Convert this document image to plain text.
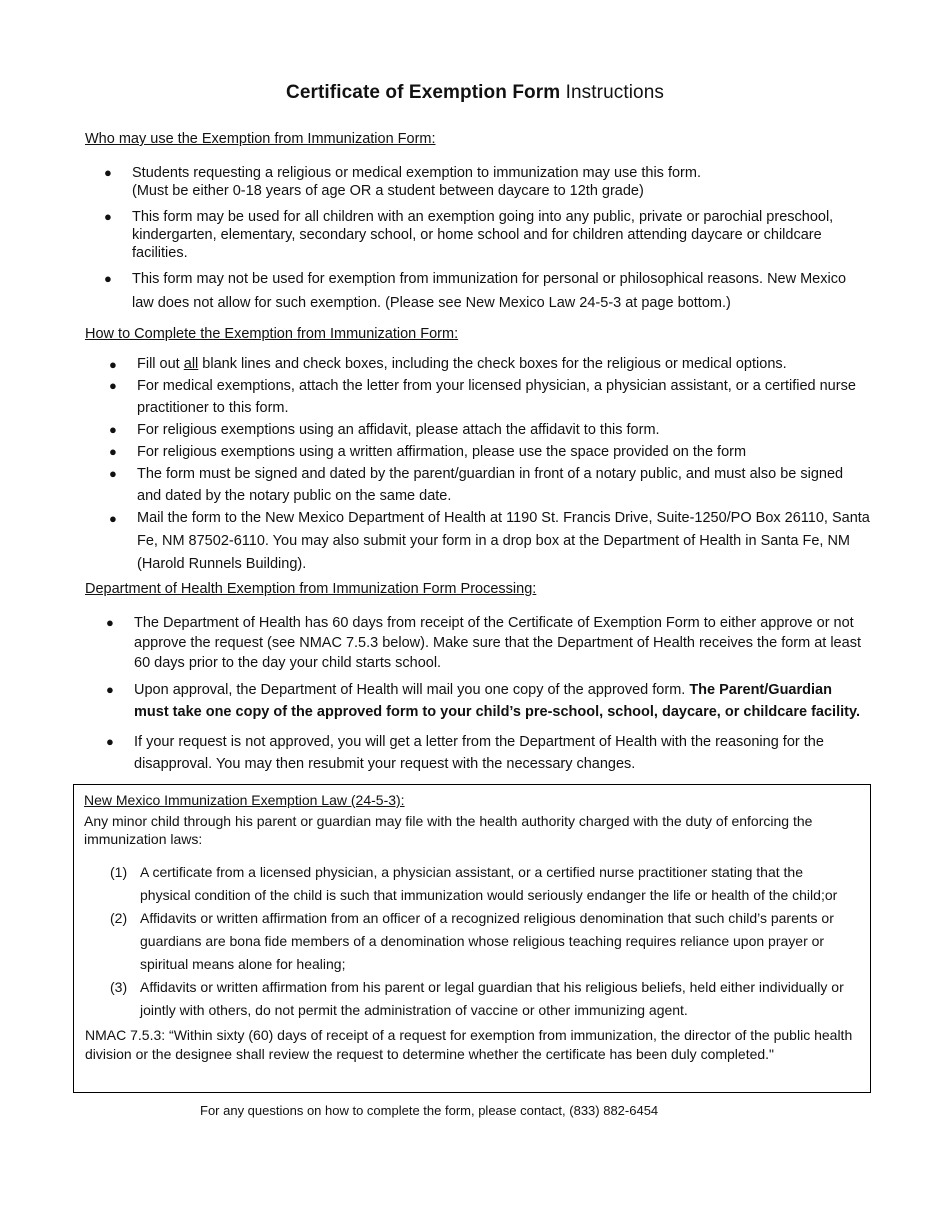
Certificate of Exemption Form Instructions
Who may use the Exemption from Immunization Form:
● Students requesting a religious or medical exemption to immunization may use this form.
(Must be either 0-18 years of age OR a student between daycare to 12th grade)
● This form may be used for all children with an exemption going into any public, private or parochial preschool, kindergarten, elementary, secondary school, or home school and for children attending daycare or childcare facilities.
● This form may not be used for exemption from immunization for personal or philosophical reasons. New Mexico law does not allow for such exemption. (Please see New Mexico Law 24-5-3 at page bottom.)
How to Complete the Exemption from Immunization Form:
● Fill out all blank lines and check boxes, including the check boxes for the religious or medical options.
● For medical exemptions, attach the letter from your licensed physician, a physician assistant, or a certified nurse practitioner to this form.
● For religious exemptions using an affidavit, please attach the affidavit to this form.
● For religious exemptions using a written affirmation, please use the space provided on the form
● The form must be signed and dated by the parent/guardian in front of a notary public, and must also be signed and dated by the notary public on the same date.
● Mail the form to the New Mexico Department of Health at 1190 St. Francis Drive, Suite-1250/PO Box 26110, Santa Fe, NM 87502-6110. You may also submit your form in a drop box at the Department of Health in Santa Fe, NM (Harold Runnels Building).
Department of Health Exemption from Immunization Form Processing:
● The Department of Health has 60 days from receipt of the Certificate of Exemption Form to either approve or not approve the request (see NMAC 7.5.3 below). Make sure that the Department of Health receives the form at least 60 days prior to the day your child starts school.
● Upon approval, the Department of Health will mail you one copy of the approved form. The Parent/Guardian must take one copy of the approved form to your child’s pre-school, school, daycare, or childcare facility.
● If your request is not approved, you will get a letter from the Department of Health with the reasoning for the disapproval. You may then resubmit your request with the necessary changes.
New Mexico Immunization Exemption Law (24-5-3):
Any minor child through his parent or guardian may file with the health authority charged with the duty of enforcing the immunization laws:
(1) A certificate from a licensed physician, a physician assistant, or a certified nurse practitioner stating that the physical condition of the child is such that immunization would seriously endanger the life or health of the child;or
(2) Affidavits or written affirmation from an officer of a recognized religious denomination that such child’s parents or guardians are bona fide members of a denomination whose religious teaching requires reliance upon prayer or spiritual means alone for healing;
(3) Affidavits or written affirmation from his parent or legal guardian that his religious beliefs, held either individually or jointly with others, do not permit the administration of vaccine or other immunizing agent.
NMAC 7.5.3: “Within sixty (60) days of receipt of a request for exemption from immunization, the director of the public health division or the designee shall review the request to determine whether the certificate has been duly completed."
For any questions on how to complete the form, please contact, (833) 882-6454
